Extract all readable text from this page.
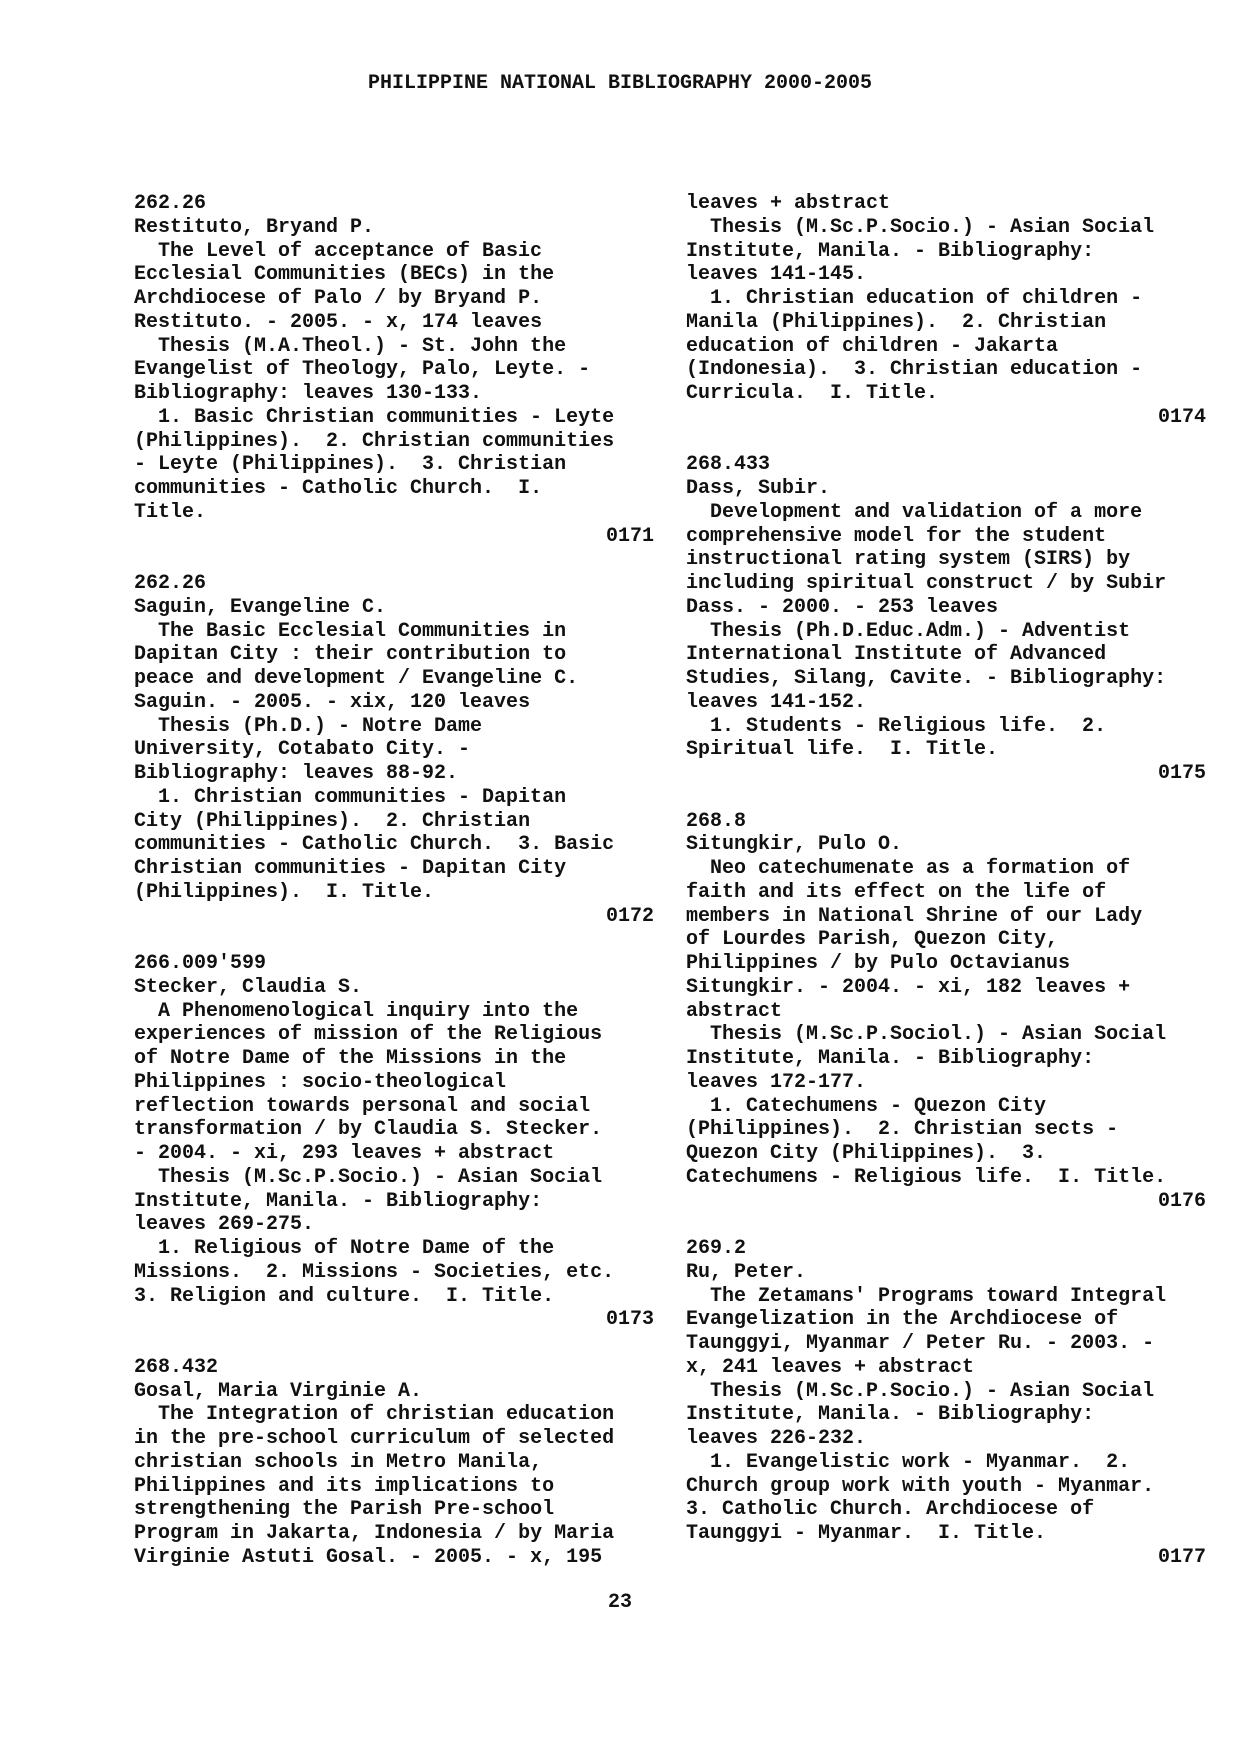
PHILIPPINE NATIONAL BIBLIOGRAPHY 2000-2005
262.26
Restituto, Bryand P.
The Level of acceptance of Basic
Ecclesial Communities (BECs) in the
Archdiocese of Palo / by Bryand P.
Restituto. - 2005. - x, 174 leaves
Thesis (M.A.Theol.) - St. John the
Evangelist of Theology, Palo, Leyte. -
Bibliography: leaves 130-133.
1. Basic Christian communities - Leyte
(Philippines).  2. Christian communities
- Leyte (Philippines).  3. Christian
communities - Catholic Church.  I.
Title.
0171
262.26
Saguin, Evangeline C.
The Basic Ecclesial Communities in
Dapitan City : their contribution to
peace and development / Evangeline C.
Saguin. - 2005. - xix, 120 leaves
Thesis (Ph.D.) - Notre Dame
University, Cotabato City. -
Bibliography: leaves 88-92.
1. Christian communities - Dapitan
City (Philippines).  2. Christian
communities - Catholic Church.  3. Basic
Christian communities - Dapitan City
(Philippines).  I. Title.
0172
266.009'599
Stecker, Claudia S.
A Phenomenological inquiry into the
experiences of mission of the Religious
of Notre Dame of the Missions in the
Philippines : socio-theological
reflection towards personal and social
transformation / by Claudia S. Stecker.
- 2004. - xi, 293 leaves + abstract
Thesis (M.Sc.P.Socio.) - Asian Social
Institute, Manila. - Bibliography:
leaves 269-275.
1. Religious of Notre Dame of the
Missions.  2. Missions - Societies, etc.
3. Religion and culture.  I. Title.
0173
268.432
Gosal, Maria Virginie A.
The Integration of christian education
in the pre-school curriculum of selected
christian schools in Metro Manila,
Philippines and its implications to
strengthening the Parish Pre-school
Program in Jakarta, Indonesia / by Maria
Virginie Astuti Gosal. - 2005. - x, 195
leaves + abstract
Thesis (M.Sc.P.Socio.) - Asian Social
Institute, Manila. - Bibliography:
leaves 141-145.
1. Christian education of children -
Manila (Philippines).  2. Christian
education of children - Jakarta
(Indonesia).  3. Christian education -
Curricula.  I. Title.
0174
268.433
Dass, Subir.
Development and validation of a more
comprehensive model for the student
instructional rating system (SIRS) by
including spiritual construct / by Subir
Dass. - 2000. - 253 leaves
Thesis (Ph.D.Educ.Adm.) - Adventist
International Institute of Advanced
Studies, Silang, Cavite. - Bibliography:
leaves 141-152.
1. Students - Religious life.  2.
Spiritual life.  I. Title.
0175
268.8
Situngkir, Pulo O.
Neo catechumenate as a formation of
faith and its effect on the life of
members in National Shrine of our Lady
of Lourdes Parish, Quezon City,
Philippines / by Pulo Octavianus
Situngkir. - 2004. - xi, 182 leaves +
abstract
Thesis (M.Sc.P.Sociol.) - Asian Social
Institute, Manila. - Bibliography:
leaves 172-177.
1. Catechumens - Quezon City
(Philippines).  2. Christian sects -
Quezon City (Philippines).  3.
Catechumens - Religious life.  I. Title.
0176
269.2
Ru, Peter.
The Zetamans' Programs toward Integral
Evangelization in the Archdiocese of
Taunggyi, Myanmar / Peter Ru. - 2003. -
x, 241 leaves + abstract
Thesis (M.Sc.P.Socio.) - Asian Social
Institute, Manila. - Bibliography:
leaves 226-232.
1. Evangelistic work - Myanmar.  2.
Church group work with youth - Myanmar.
3. Catholic Church. Archdiocese of
Taunggyi - Myanmar.  I. Title.
0177
23
